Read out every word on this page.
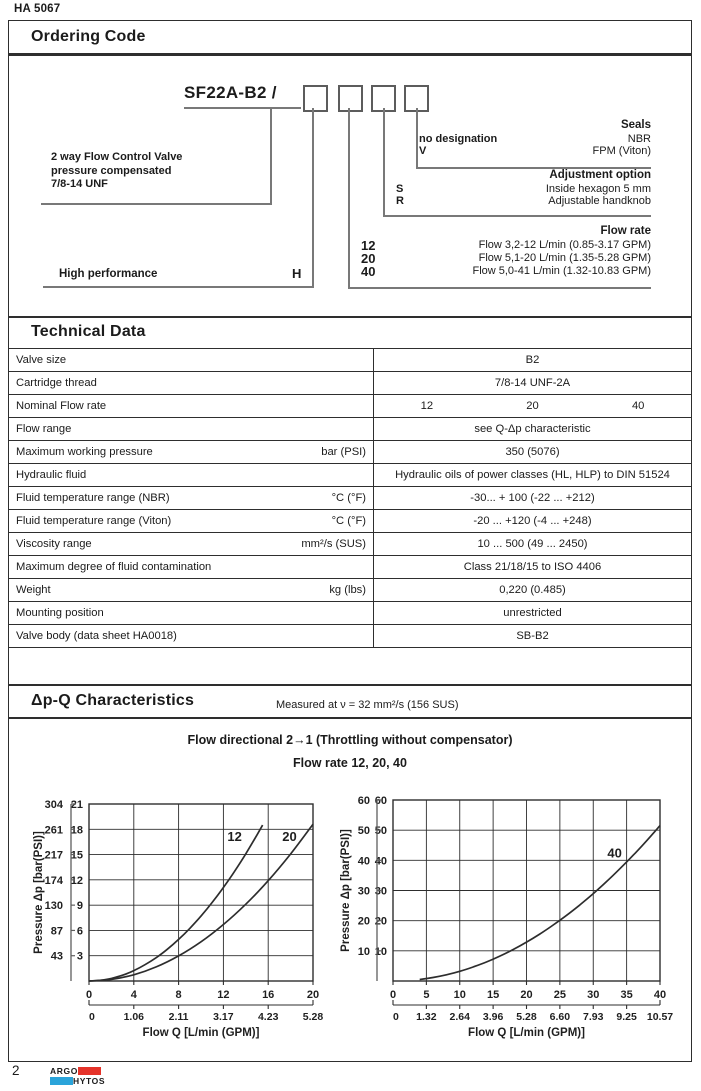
HA 5067
Ordering Code
SF22A-B2 /
2 way Flow Control Valve
pressure compensated
7/8-14 UNF
High performance	H
Seals
no designation	NBR
V	FPM (Viton)
Adjustment option
S	Inside hexagon 5 mm
R	Adjustable handknob
Flow rate
12	Flow 3,2-12 L/min (0.85-3.17 GPM)
20	Flow 5,1-20 L/min (1.35-5.28 GPM)
40	Flow 5,0-41 L/min (1.32-10.83 GPM)
Technical Data
Valve size	B2
Cartridge thread	7/8-14 UNF-2A
Nominal Flow rate	12	20	40
Flow range	see Q-Δp characteristic
Maximum working pressure	bar (PSI)	350 (5076)
Hydraulic fluid	Hydraulic oils of power classes (HL, HLP) to DIN 51524
Fluid temperature range (NBR)	°C (°F)	-30... + 100 (-22 ... +212)
Fluid temperature range (Viton)	°C (°F)	-20 ... +120 (-4 ... +248)
Viscosity range	mm²/s (SUS)	10 ... 500 (49 ... 2450)
Maximum degree of fluid contamination	Class 21/18/15 to ISO 4406
Weight	kg (lbs)	0,220 (0.485)
Mounting position	unrestricted
Valve body (data sheet HA0018)	SB-B2
Δp-Q Characteristics	Measured at ν = 32 mm²/s (156 SUS)
Flow directional 2→1 (Throttling without compensator)
Flow rate 12, 20, 40
0	4	8	12	16	20
0	1.06 2.11 3.17 4.23 5.28
Flow Q [L/min (GPM)]
3
6
9
12
15
18
21
43
87
130
174
217
261
304
Pressure Δp [bar(PSI)]	12	20
0 5 10 15 20 25 30 35 40
0 1.32 2.64 3.96 5.28 6.60 7.93 9.25 10.57
Flow Q [L/min (GPM)]
10
20
30
40
50
60
10
20
30
40
50
60
Pressure Δp [bar(PSI)]	40
2	ARGO
HYTOS
